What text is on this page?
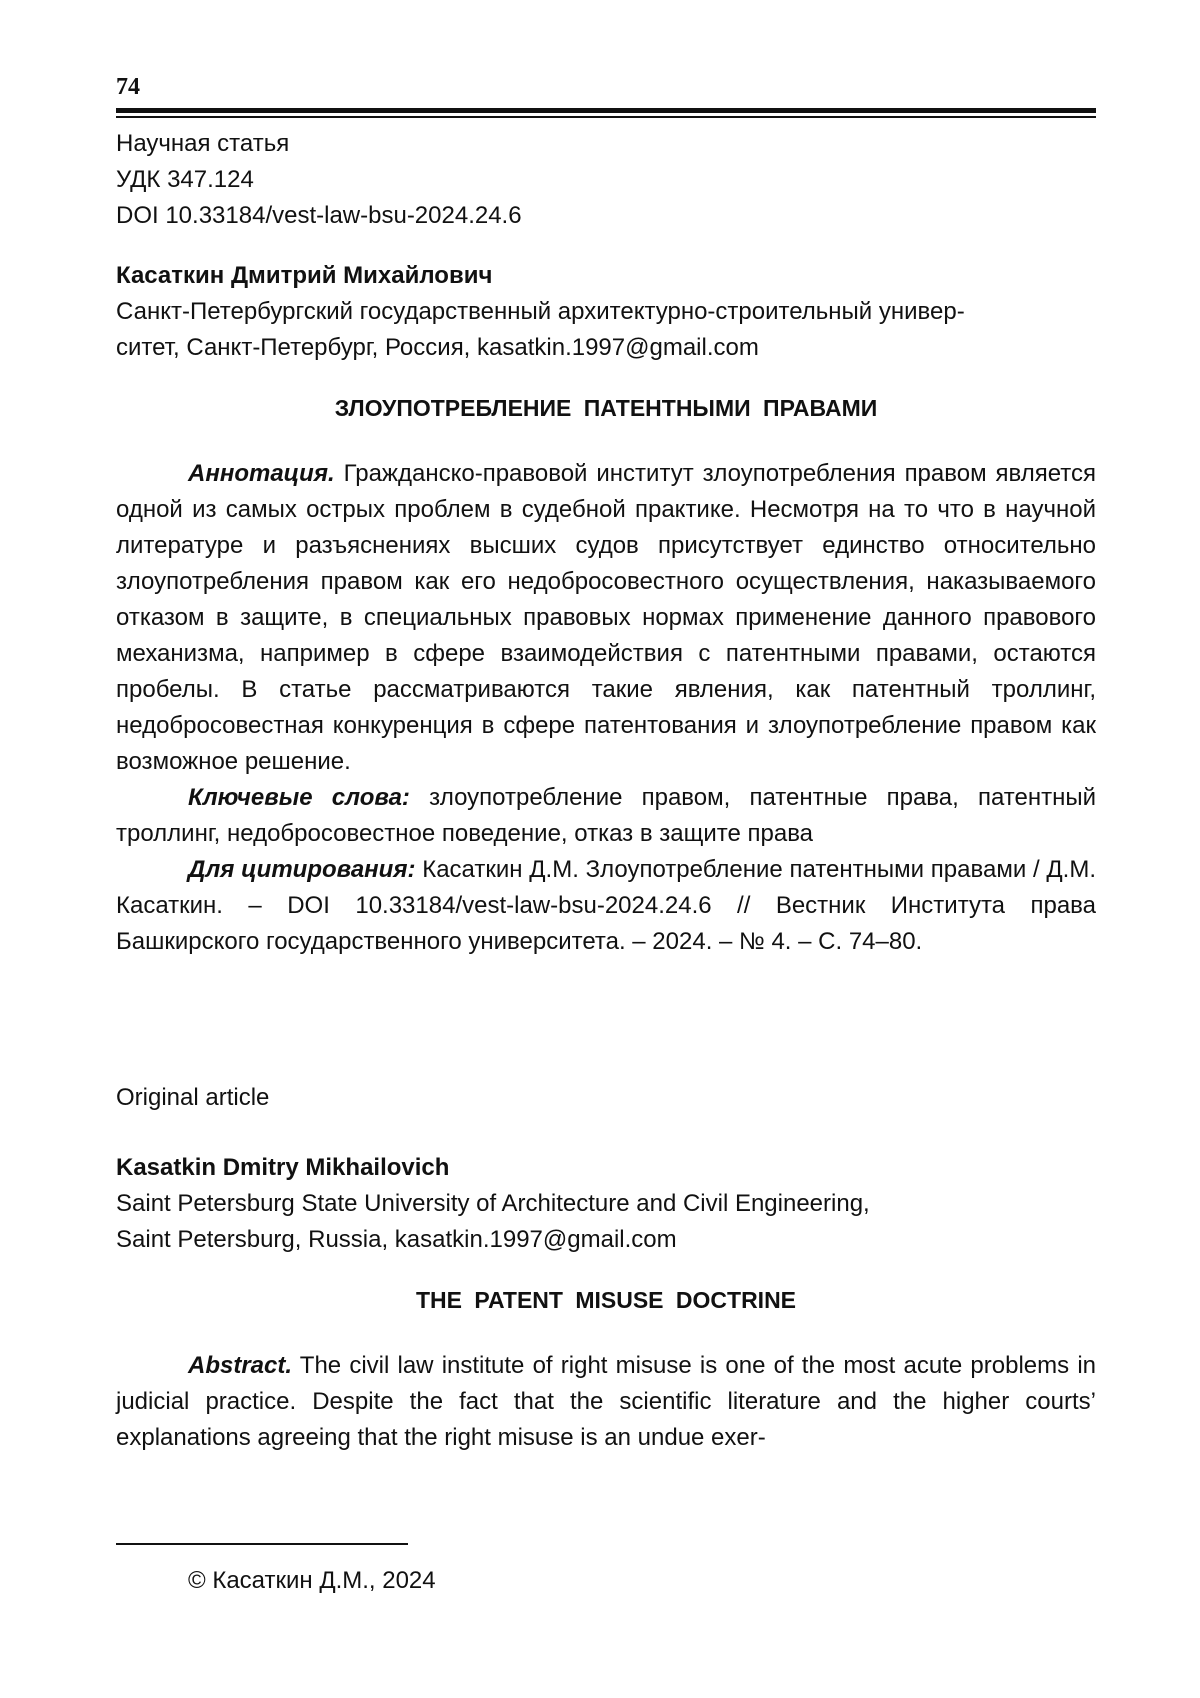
74
Научная статья
УДК 347.124
DOI 10.33184/vest-law-bsu-2024.24.6
Касаткин Дмитрий Михайлович
Санкт-Петербургский государственный архитектурно-строительный универ-
ситет, Санкт-Петербург, Россия, kasatkin.1997@gmail.com
ЗЛОУПОТРЕБЛЕНИЕ ПАТЕНТНЫМИ ПРАВАМИ
Аннотация. Гражданско-правовой институт злоупотребления правом является одной из самых острых проблем в судебной практике. Несмотря на то что в научной литературе и разъяснениях высших судов присутствует единство относительно злоупотребления правом как его недобросовестного осуществления, наказываемого отказом в защите, в специальных правовых нормах применение данного правового механизма, например в сфере взаимодействия с патентными правами, остаются пробелы. В статье рассматриваются такие явления, как патентный троллинг, недобросовестная конкуренция в сфере патентования и злоупотребление правом как возможное решение.
Ключевые слова: злоупотребление правом, патентные права, патентный троллинг, недобросовестное поведение, отказ в защите права
Для цитирования: Касаткин Д.М. Злоупотребление патентными правами / Д.М. Касаткин. – DOI 10.33184/vest-law-bsu-2024.24.6 // Вестник Института права Башкирского государственного университета. – 2024. – № 4. – С. 74–80.
Original article
Kasatkin Dmitry Mikhailovich
Saint Petersburg State University of Architecture and Civil Engineering,
Saint Petersburg, Russia, kasatkin.1997@gmail.com
THE PATENT MISUSE DOCTRINE
Abstract. The civil law institute of right misuse is one of the most acute problems in judicial practice. Despite the fact that the scientific literature and the higher courts’ explanations agreeing that the right misuse is an undue exer-
© Касаткин Д.М., 2024
